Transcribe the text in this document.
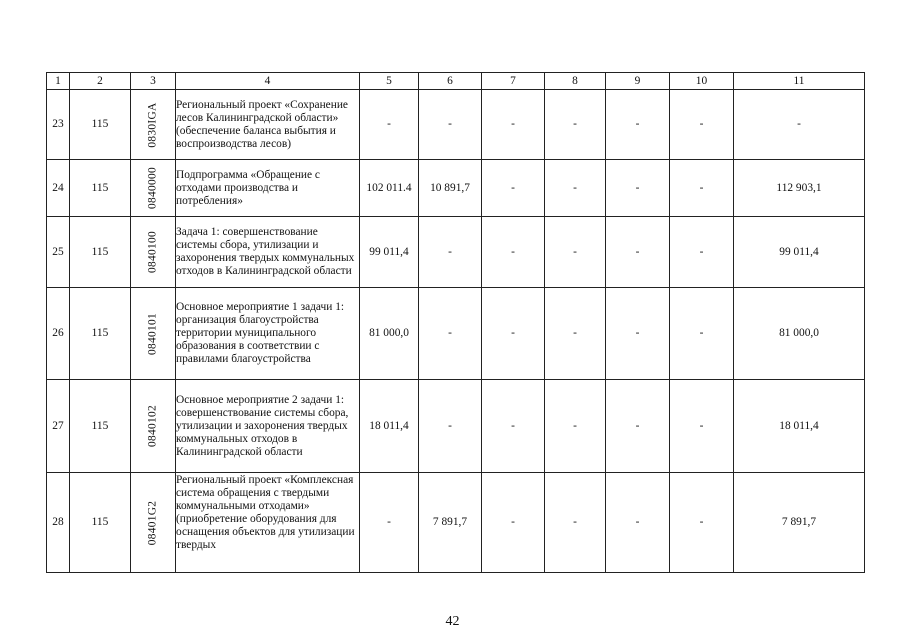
1	2	3	4	5	6	7	8	9	10	11
23	115	0830IGA	Региональный проект «Сохранение лесов Калининградской области» (обеспечение баланса выбытия и воспроизводства лесов)	-	-	-	-	-	-	-
24	115	0840000	Подпрограмма «Обращение с отходами производства и потребления»	102 011.4	10 891,7	-	-	-	-	112 903,1
25	115	0840100	Задача 1: совершенствование системы сбора, утилизации и захоронения твердых коммунальных отходов в Калининградской области	99 011,4	-	-	-	-	-	99 011,4
26	115	0840101	Основное мероприятие 1 задачи 1: организация благоустройства территории муниципального образования в соответствии с правилами благоустройства	81 000,0	-	-	-	-	-	81 000,0
27	115	0840102	Основное мероприятие 2 задачи 1: совершенствование системы сбора, утилизации и захоронения твердых коммунальных отходов в Калининградской области	18 011,4	-	-	-	-	-	18 011,4
28	115	08401G2	Региональный проект «Комплексная система обращения с твердыми коммунальными отходами» (приобретение оборудования для оснащения объектов для утилизации твердых	-	7 891,7	-	-	-	-	7 891,7
42
